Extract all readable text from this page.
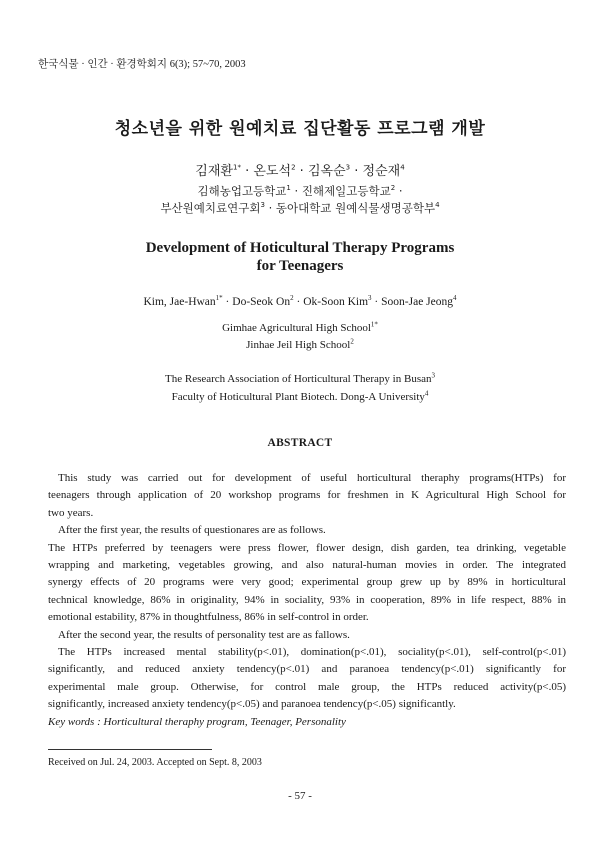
한국식물 · 인간 · 환경학회지 6(3); 57~70, 2003
청소년을 위한 원예치료 집단활동 프로그램 개발
김재환$^{1*}$ · 온도석$^2$ · 김옥순$^3$ · 정순재$^4$
김해농업고등학교$^1$ · 진해제일고등학교$^2$ ·
부산원예치료연구회$^3$ · 동아대학교 원예식물생명공학부$^4$
Development of Hoticultural Therapy Programs
for Teenagers
Kim, Jae-Hwan$^{1*}$ · Do-Seok $On^2$ · Ok-Soon Kim$^3$ · Soon-Jae Jeong$^4$
Gimhae Agricultural High School$^{1*}$
Jinhae Jeil High School$^2$
The Research Association of Horticultural Therapy in Busan$^3$
Faculty of Hoticultural Plant Biotech. Dong-A University$^4$
ABSTRACT
This study was carried out for development of useful horticultural theraphy programs(HTPs) for
teenagers through application of 20 workshop programs for freshmen in K Agricultural High School for
two years.
After the first year, the results of questionares are as follows.
The HTPs preferred by teenagers were press flower, flower design, dish garden, tea drinking, vegetable
wrapping and marketing, vegetables growing, and also natural-human movies in order. The integrated
synergy effects of 20 programs were very good; experimental group grew up by 89% in horticultural
technical knowledge, 86% in originality, 94% in sociality, 93% in cooperation, 89% in life respect, 88% in
emotional estability, 87% in thoughtfulness, 86% in self-control in order.
After the second year, the results of personality test are as fallows.
The HTPs increased mental stability(p<.01), domination(p<.01), sociality(p<.01), self-control(p<.01)
significantly, and reduced anxiety tendency(p<.01) and paranoea tendency(p<.01) significantly for
experimental male group. Otherwise, for control male group, the HTPs reduced activity(p<.05)
significantly, increased anxiety tendency(p<.05) and paranoea tendency(p<.05) significantly.
Key words : Horticultural theraphy program, Teenager, Personality
Received on Jul. 24, 2003. Accepted on Sept. 8, 2003
- 57 -
